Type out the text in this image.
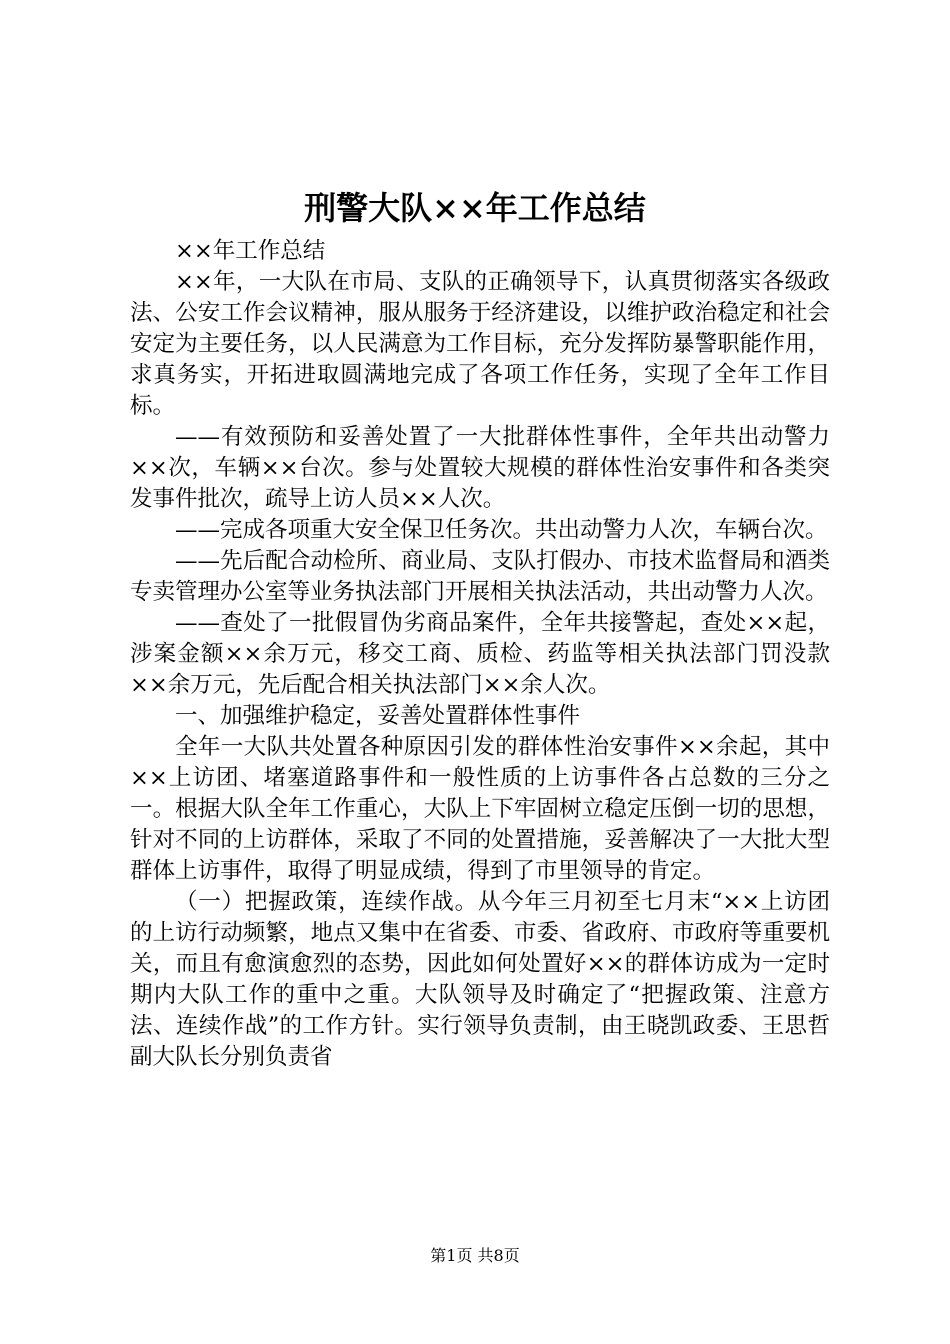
刑警大队××年工作总结

××年工作总结

××年，一大队在市局、支队的正确领导下，认真贯彻落实各级政法、公安工作会议精神，服从服务于经济建设，以维护政治稳定和社会安定为主要任务，以人民满意为工作目标，充分发挥防暴警职能作用，求真务实，开拓进取圆满地完成了各项工作任务，实现了全年工作目标。

——有效预防和妥善处置了一大批群体性事件，全年共出动警力××次，车辆××台次。参与处置较大规模的群体性治安事件和各类突发事件批次，疏导上访人员××人次。

——完成各项重大安全保卫任务次。共出动警力人次，车辆台次。

——先后配合动检所、商业局、支队打假办、市技术监督局和酒类专卖管理办公室等业务执法部门开展相关执法活动，共出动警力人次。

——查处了一批假冒伪劣商品案件，全年共接警起，查处××起，涉案金额××余万元，移交工商、质检、药监等相关执法部门罚没款××余万元，先后配合相关执法部门××余人次。

一、加强维护稳定，妥善处置群体性事件

全年一大队共处置各种原因引发的群体性治安事件××余起，其中××上访团、堵塞道路事件和一般性质的上访事件各占总数的三分之一。根据大队全年工作重心，大队上下牢固树立稳定压倒一切的思想，针对不同的上访群体，采取了不同的处置措施，妥善解决了一大批大型群体上访事件，取得了明显成绩，得到了市里领导的肯定。

（一）把握政策，连续作战。从今年三月初至七月末“××上访团的上访行动频繁，地点又集中在省委、市委、省政府、市政府等重要机关，而且有愈演愈烈的态势，因此如何处置好××的群体访成为一定时期内大队工作的重中之重。大队领导及时确定了“把握政策、注意方法、连续作战”的工作方针。实行领导负责制，由王晓凯政委、王思哲副大队长分别负责省

第1页 共8页
